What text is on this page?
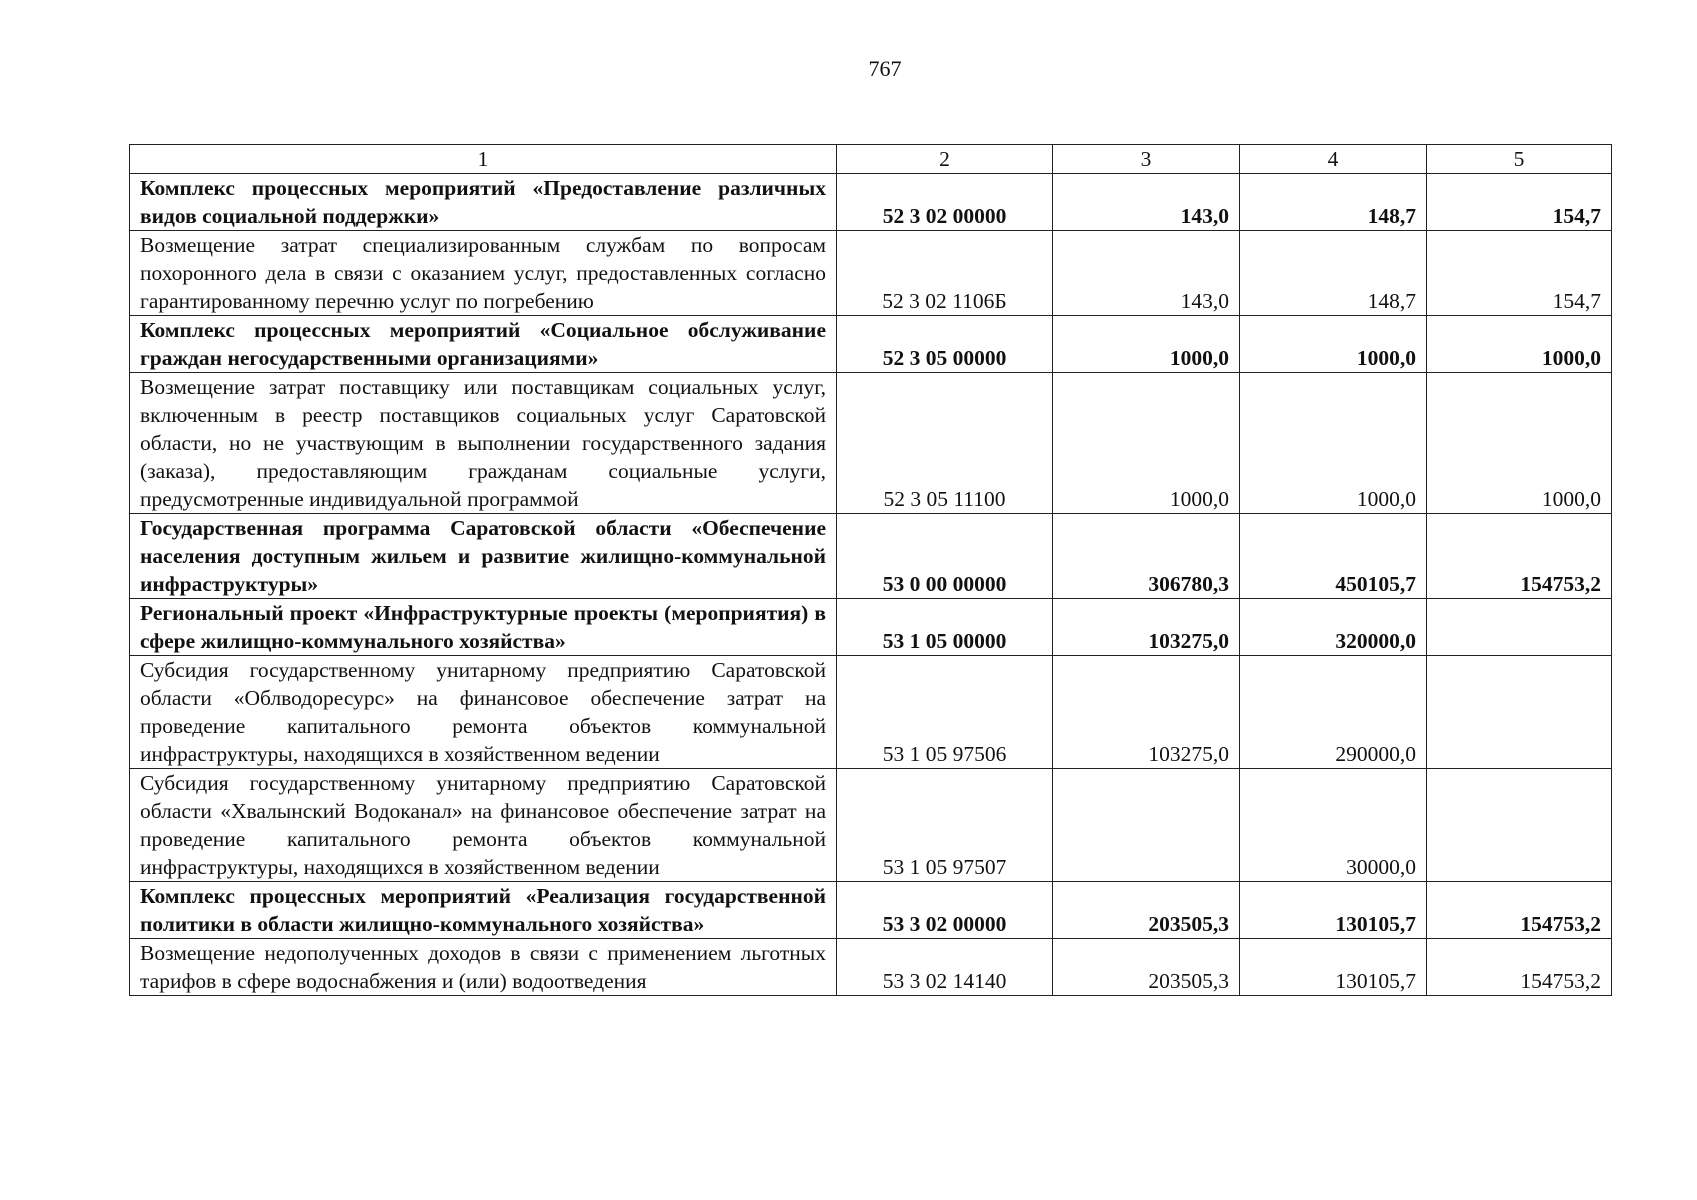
767
1	2	3	4	5
Комплекс процессных мероприятий «Предоставление различных видов социальной поддержки»	52 3 02 00000	143,0	148,7	154,7
Возмещение затрат специализированным службам по вопросам похоронного дела в связи с оказанием услуг, предоставленных согласно гарантированному перечню услуг по погребению	52 3 02 1106Б	143,0	148,7	154,7
Комплекс процессных мероприятий «Социальное обслуживание граждан негосударственными организациями»	52 3 05 00000	1000,0	1000,0	1000,0
Возмещение затрат поставщику или поставщикам социальных услуг, включенным в реестр поставщиков социальных услуг Саратовской области, но не участвующим в выполнении государственного задания (заказа), предоставляющим гражданам социальные услуги, предусмотренные индивидуальной программой	52 3 05 11100	1000,0	1000,0	1000,0
Государственная программа Саратовской области «Обеспечение населения доступным жильем и развитие жилищно-коммунальной инфраструктуры»	53 0 00 00000	306780,3	450105,7	154753,2
Региональный проект «Инфраструктурные проекты (мероприятия) в сфере жилищно-коммунального хозяйства»	53 1 05 00000	103275,0	320000,0	
Субсидия государственному унитарному предприятию Саратовской области «Облводоресурс» на финансовое обеспечение затрат на проведение капитального ремонта объектов коммунальной инфраструктуры, находящихся в хозяйственном ведении	53 1 05 97506	103275,0	290000,0	
Субсидия государственному унитарному предприятию Саратовской области «Хвалынский Водоканал» на финансовое обеспечение затрат на проведение капитального ремонта объектов коммунальной инфраструктуры, находящихся в хозяйственном ведении	53 1 05 97507		30000,0	
Комплекс процессных мероприятий «Реализация государственной политики в области жилищно-коммунального хозяйства»	53 3 02 00000	203505,3	130105,7	154753,2
Возмещение недополученных доходов в связи с применением льготных тарифов в сфере водоснабжения и (или) водоотведения	53 3 02 14140	203505,3	130105,7	154753,2
